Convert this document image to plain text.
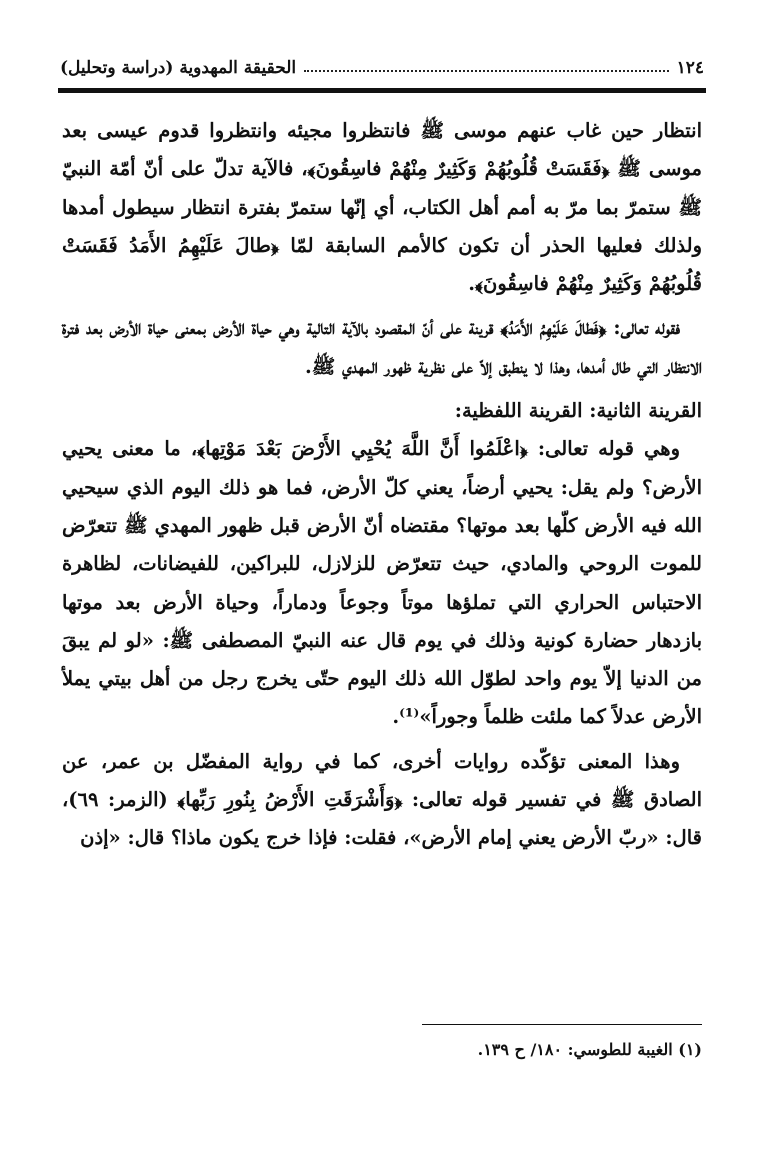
١٢٤
الحقيقة المهدوية (دراسة وتحليل)

انتظار حين غاب عنهم موسى ﷺ فانتظروا مجيئه وانتظروا قدوم عيسى بعد موسى ﷺ ﴿فَقَسَتْ قُلُوبُهُمْ وَكَثِيرٌ مِنْهُمْ فاسِقُونَ﴾، فالآية تدلّ على أنّ أمّة النبيّ ﷺ ستمرّ بما مرّ به أمم أهل الكتاب، أي إنّها ستمرّ بفترة انتظار سيطول أمدها ولذلك فعليها الحذر أن تكون كالأمم السابقة لمّا ﴿طالَ عَلَيْهِمُ الأَمَدُ فَقَسَتْ قُلُوبُهُمْ وَكَثِيرٌ مِنْهُمْ فاسِقُونَ﴾.

فقوله تعالى: ﴿فَطالَ عَلَيْهِمُ الأَمَدُ﴾ قرينة على أنّ المقصود بالآية التالية وهي حياة الأرض بمعنى حياة الأرض بعد فترة الانتظار التي طال أمدها، وهذا لا ينطبق إلاّ على نظرية ظهور المهدي ﷺ.

القرينة الثانية: القرينة اللفظية:

وهي قوله تعالى: ﴿اعْلَمُوا أَنَّ اللَّهَ يُحْيِي الأَرْضَ بَعْدَ مَوْتِها﴾، ما معنى يحيي الأرض؟ ولم يقل: يحيي أرضاً، يعني كلّ الأرض، فما هو ذلك اليوم الذي سيحيي الله فيه الأرض كلّها بعد موتها؟ مقتضاه أنّ الأرض قبل ظهور المهدي ﷺ تتعرّض للموت الروحي والمادي، حيث تتعرّض للزلازل، للبراكين، للفيضانات، لظاهرة الاحتباس الحراري التي تملؤها موتاً وجوعاً ودماراً، وحياة الأرض بعد موتها بازدهار حضارة كونية وذلك في يوم قال عنه النبيّ المصطفى ﷺ: «لو لم يبقَ من الدنيا إلاّ يوم واحد لطوّل الله ذلك اليوم حتّى يخرج رجل من أهل بيتي يملأ الأرض عدلاً كما ملئت ظلماً وجوراً»⁽¹⁾.

وهذا المعنى تؤكّده روايات أخرى، كما في رواية المفضّل بن عمر، عن الصادق ﷺ في تفسير قوله تعالى: ﴿وَأَشْرَقَتِ الأَرْضُ بِنُورِ رَبِّها﴾ (الزمر: ٦٩)، قال: «ربّ الأرض يعني إمام الأرض»، فقلت: فإذا خرج يكون ماذا؟ قال: «إذن

(١) الغيبة للطوسي: ١٨٠/ ح ١٣٩.
